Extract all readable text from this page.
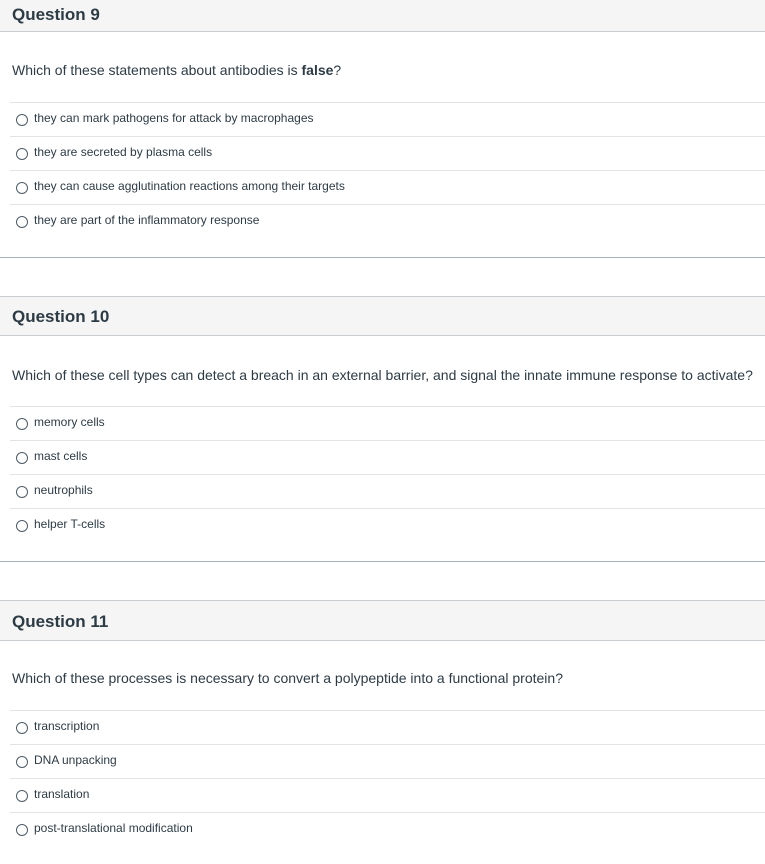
Question 9
Which of these statements about antibodies is false?
they can mark pathogens for attack by macrophages
they are secreted by plasma cells
they can cause agglutination reactions among their targets
they are part of the inflammatory response
Question 10
Which of these cell types can detect a breach in an external barrier, and signal the innate immune response to activate?
memory cells
mast cells
neutrophils
helper T-cells
Question 11
Which of these processes is necessary to convert a polypeptide into a functional protein?
transcription
DNA unpacking
translation
post-translational modification
